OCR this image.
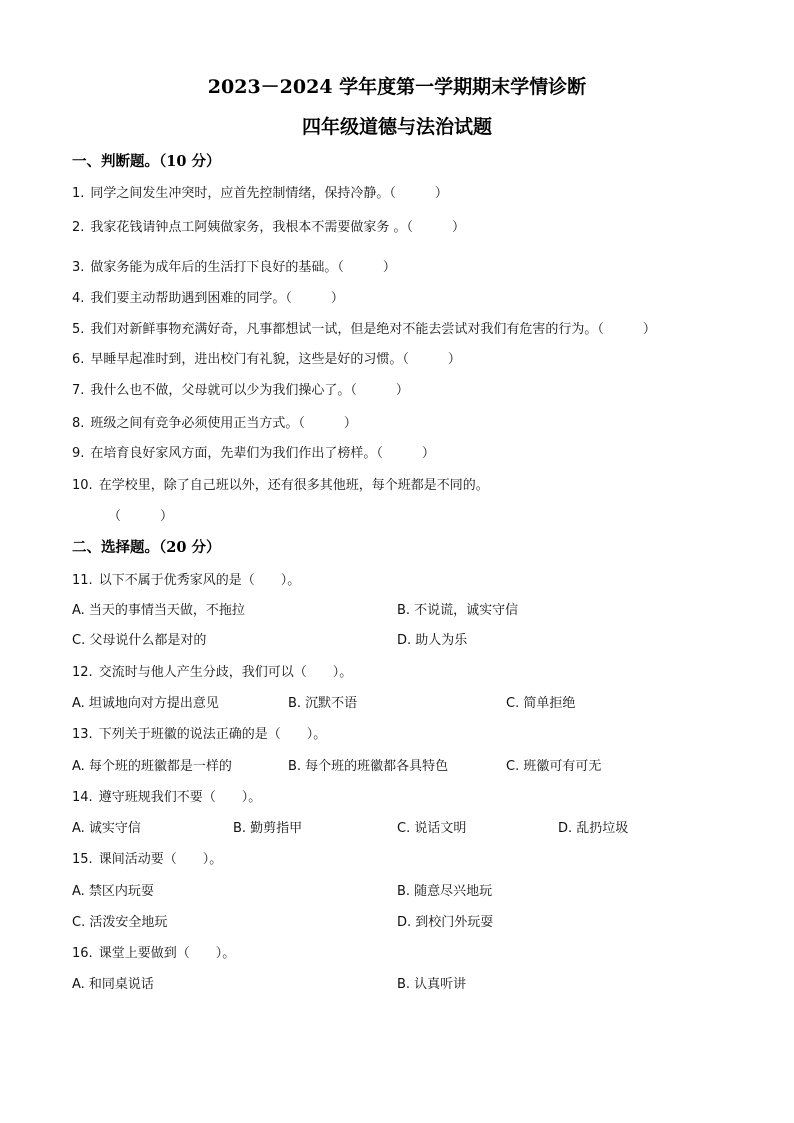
2023－2024 学年度第一学期期末学情诊断
四年级道德与法治试题
一、判断题。（10 分）
1. 同学之间发生冲突时，应首先控制情绪，保持冷静。（　　　）
2. 我家花钱请钟点工阿姨做家务，我根本不需要做家务 。（　　　）
3. 做家务能为成年后的生活打下良好的基础。（　　　）
4. 我们要主动帮助遇到困难的同学。（　　　）
5. 我们对新鲜事物充满好奇，凡事都想试一试，但是绝对不能去尝试对我们有危害的行为。（　　　）
6. 早睡早起准时到，进出校门有礼貌，这些是好的习惯。（　　　）
7. 我什么也不做，父母就可以少为我们操心了。（　　　）
8. 班级之间有竞争必须使用正当方式。（　　　）
9. 在培育良好家风方面，先辈们为我们作出了榜样。（　　　）
10. 在学校里，除了自己班以外，还有很多其他班，每个班都是不同的。
（　　　）
二、选择题。（20 分）
11. 以下不属于优秀家风的是（　　）。
A. 当天的事情当天做，不拖拉	B. 不说谎，诚实守信
C. 父母说什么都是对的	D. 助人为乐
12. 交流时与他人产生分歧，我们可以（　　）。
A. 坦诚地向对方提出意见	B. 沉默不语	C. 简单拒绝
13. 下列关于班徽的说法正确的是（　　）。
A. 每个班的班徽都是一样的	B. 每个班的班徽都各具特色	C. 班徽可有可无
14. 遵守班规我们不要（　　）。
A. 诚实守信	B. 勤剪指甲	C. 说话文明	D. 乱扔垃圾
15. 课间活动要（　　）。
A. 禁区内玩耍	B. 随意尽兴地玩
C. 活泼安全地玩	D. 到校门外玩耍
16. 课堂上要做到（　　）。
A. 和同桌说话	B. 认真听讲
